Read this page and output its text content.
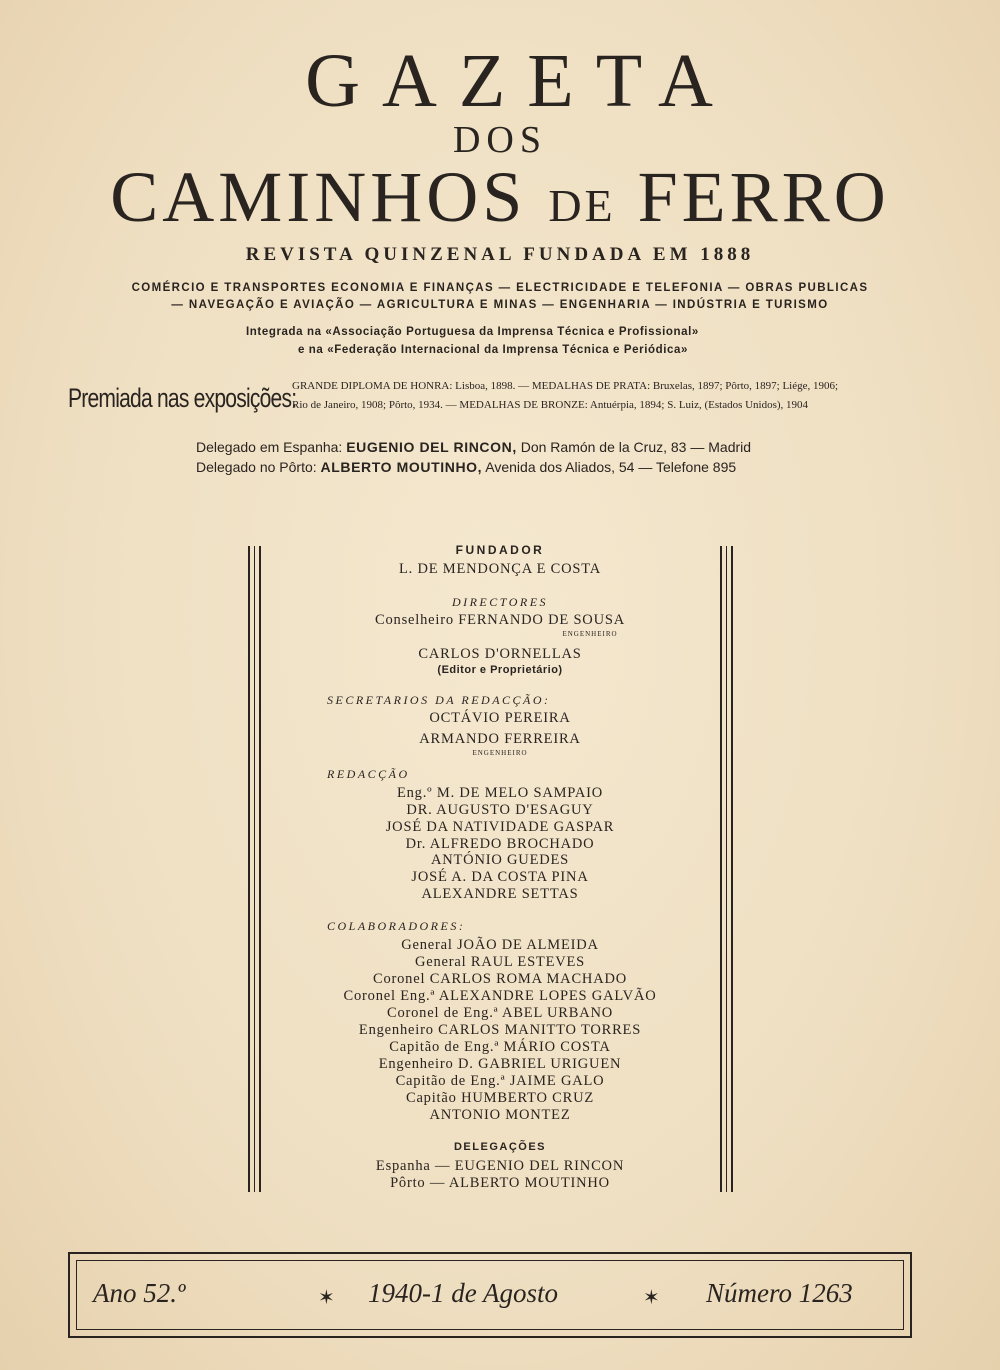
GAZETA
DOS
CAMINHOS DE FERRO
REVISTA QUINZENAL FUNDADA EM 1888
COMÉRCIO E TRANSPORTES ECONOMIA E FINANÇAS — ELECTRICIDADE E TELEFONIA — OBRAS PUBLICAS
— NAVEGAÇÃO E AVIAÇÃO — AGRICULTURA E MINAS — ENGENHARIA — INDÚSTRIA E TURISMO
Integrada na «Associação Portuguesa da Imprensa Técnica e Profissional»
e na «Federação Internacional da Imprensa Técnica e Periódica»
Premiada nas exposições:
GRANDE DIPLOMA DE HONRA: Lisboa, 1898. — MEDALHAS DE PRATA: Bruxelas, 1897; Pôrto, 1897; Liége, 1906;
Rio de Janeiro, 1908; Pôrto, 1934. — MEDALHAS DE BRONZE: Antuérpia, 1894; S. Luiz, (Estados Unidos), 1904
Delegado em Espanha: EUGENIO DEL RINCON, Don Ramón de la Cruz, 83 — Madrid
Delegado no Pôrto: ALBERTO MOUTINHO, Avenida dos Aliados, 54 — Telefone 895
FUNDADOR
L. DE MENDONÇA E COSTA
DIRECTORES
Conselheiro FERNANDO DE SOUSA
ENGENHEIRO
CARLOS D'ORNELLAS
(Editor e Proprietário)
SECRETARIOS DA REDACÇÃO:
OCTÁVIO PEREIRA
ARMANDO FERREIRA
ENGENHEIRO
REDACÇÃO
Eng.º M. DE MELO SAMPAIO
DR. AUGUSTO D'ESAGUY
JOSÉ DA NATIVIDADE GASPAR
Dr. ALFREDO BROCHADO
ANTÓNIO GUEDES
JOSÉ A. DA COSTA PINA
ALEXANDRE SETTAS
COLABORADORES:
General JOÃO DE ALMEIDA
General RAUL ESTEVES
Coronel CARLOS ROMA MACHADO
Coronel Eng.ª ALEXANDRE LOPES GALVÃO
Coronel de Eng.ª ABEL URBANO
Engenheiro CARLOS MANITTO TORRES
Capitão de Eng.ª MÁRIO COSTA
Engenheiro D. GABRIEL URIGUEN
Capitão de Eng.ª JAIME GALO
Capitão HUMBERTO CRUZ
ANTONIO MONTEZ
DELEGAÇÕES
Espanha — EUGENIO DEL RINCON
Pôrto — ALBERTO MOUTINHO
Ano 52.º	✶ 1940-1 de Agosto	✶ Número 1263
